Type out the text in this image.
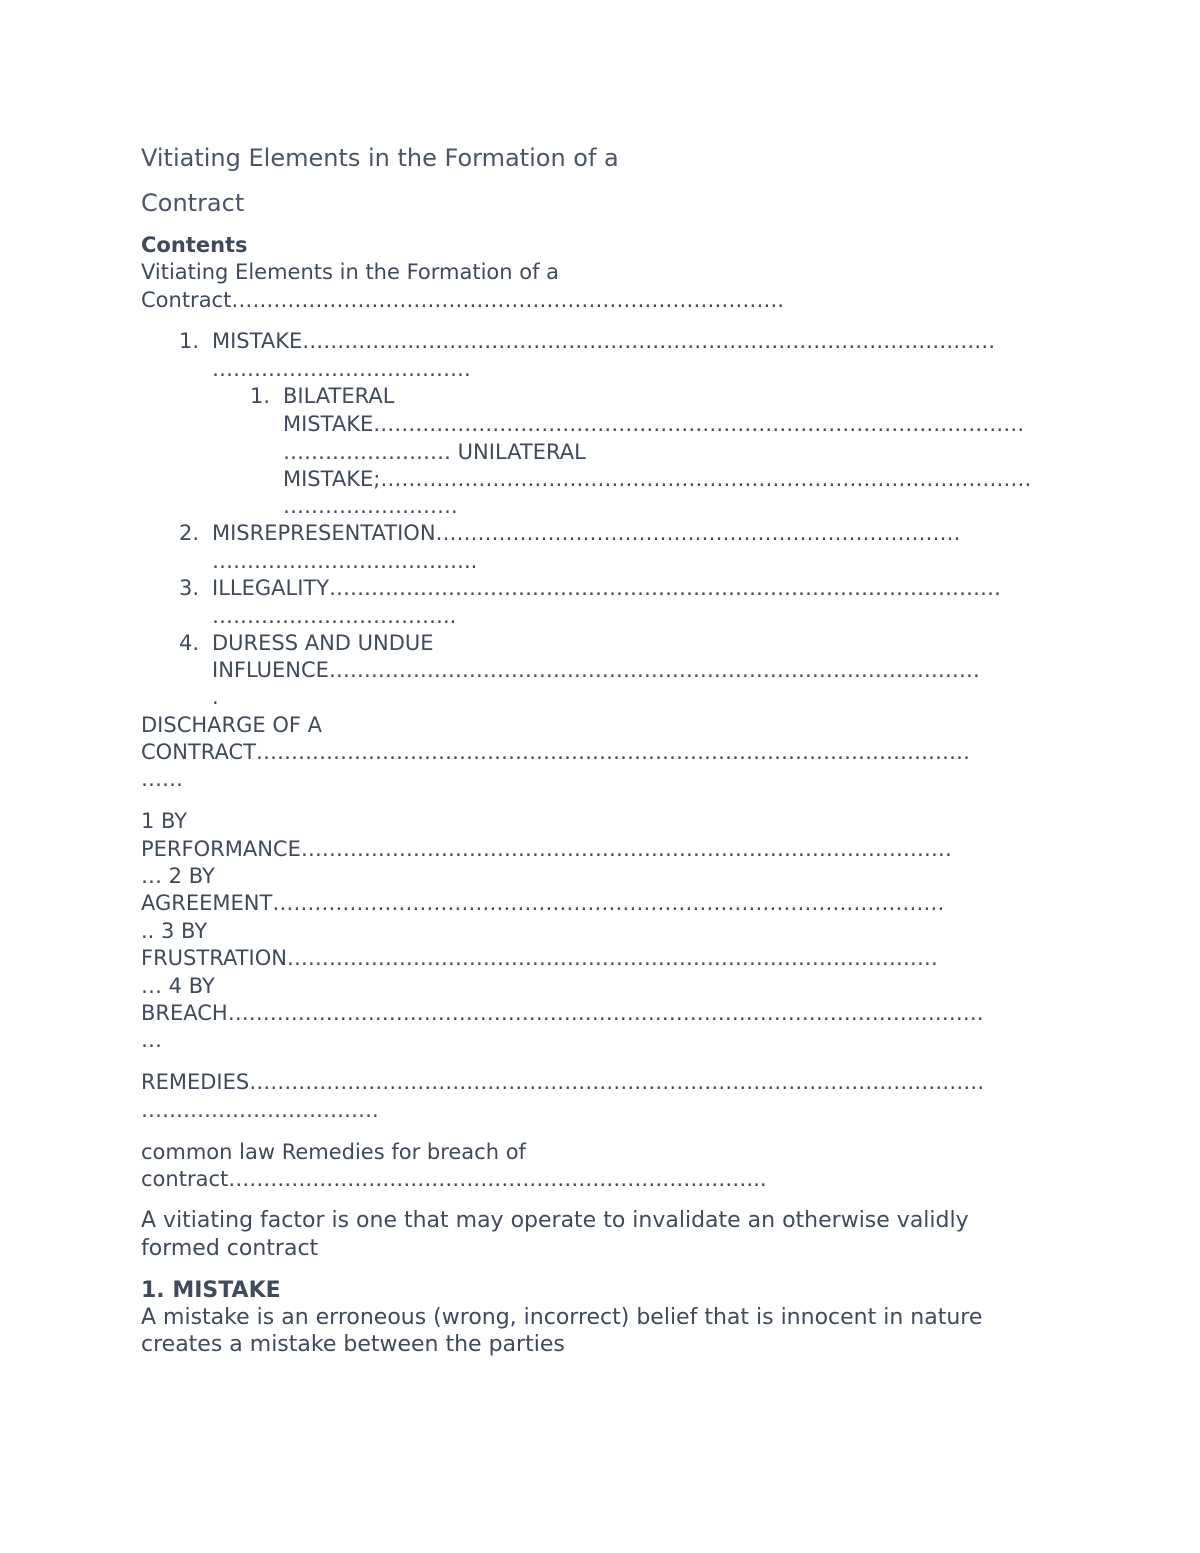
Vitiating Elements in the Formation of a
Contract
Contents
Vitiating Elements in the Formation of a
Contract…………………………………………………………………….
1. MISTAKE………………………………………………………………………………………
……………………………….
1. BILATERAL
MISTAKE…………………………………………………………………………………
…………………… UNILATERAL
MISTAKE;…………………………………………………………………………………
…………………….
2. MISREPRESENTATION…………………………………………………………………
………………………………..
3. ILLEGALITY……………………………………………………………………………………
……………………………..
4. DURESS AND UNDUE
INFLUENCE…………………………………………………………………………………
.
DISCHARGE OF A
CONTRACT…………………………………………………………………………………………
……
1 BY
PERFORMANCE…………………………………………………………………………………
… 2 BY
AGREEMENT……………………………………………………………………………………
.. 3 BY
FRUSTRATION…………………………………………………………………………………
… 4 BY
BREACH………………………………………………………………………………………………
…
REMEDIES……………………………………………………………………………………………
…………………………….
common law Remedies for breach of
contract…………………………………………………………………..
A vitiating factor is one that may operate to invalidate an otherwise validly
formed contract
1. MISTAKE
A mistake is an erroneous (wrong, incorrect) belief that is innocent in nature
creates a mistake between the parties
